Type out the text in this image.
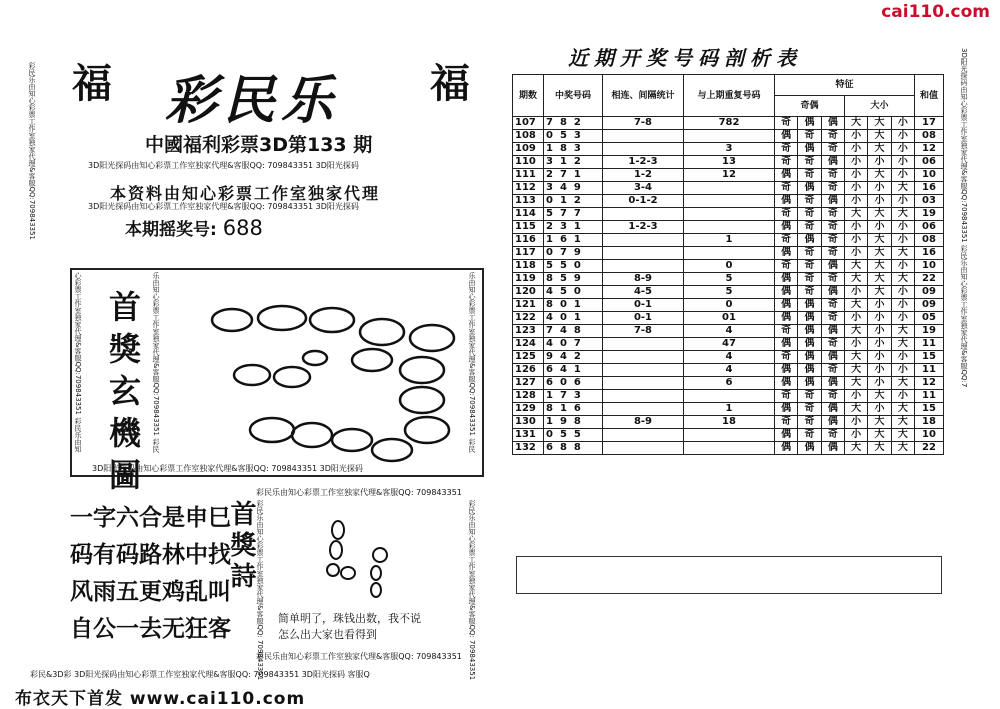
cai110.com
福	福
彩民乐
中國福利彩票3D第133 期
3D阳光探码由知心彩票工作室独家代理&客服QQ: 709843351 3D阳光探码
本资料由知心彩票工作室独家代理
3D阳光探码由知心彩票工作室独家代理&客服QQ: 709843351 3D阳光探码
本期摇奖号: 688
彩民乐由知心彩票工作室独家代理&客服QQ:709843351
心彩票工作室独家代理&客服QQ:709843351 彩民乐由知	乐由知心彩票工作室独家代理&客服QQ:709843351 彩民	乐由知心彩票工作室独家代理&客服QQ:709843351 彩民
3D阳光探码由知心彩票工作室独家代理&客服QQ: 709843351 3D阳光探码
首獎玄機圖	彩民乐由知心彩票工作室独家代理&客服QQ: 709843351
一字六合是申巳
码有码路林中找
风雨五更鸡乱叫
自公一去无狂客
首獎詩 彩民乐由知心彩票工作室独家代理&客服QQ: 709843351	彩民乐由知心彩票工作室独家代理&客服QQ: 709843351
简单明了，珠钱出数，我不说
怎么出大家也看得到
彩民乐由知心彩票工作室独家代理&客服QQ: 709843351
彩民&3D彩 3D阳光探码由知心彩票工作室独家代理&客服QQ: 709843351 3D阳光探码 客服Q
布衣天下首发 www.cai110.com
近期开奖号码剖析表
期数	中奖号码	相连、间隔统计	与上期重复号码	特征						和值
				奇偶			大小			
107	782	7-8	782	奇	偶	偶	大	大	小	17
108	053			偶	奇	奇	小	大	小	08
109	183		3	奇	偶	奇	小	大	小	12
110	312	1-2-3	13	奇	奇	偶	小	小	小	06
111	271	1-2	12	偶	奇	奇	小	大	小	10
112	349	3-4		奇	偶	奇	小	小	大	16
113	012	0-1-2		偶	奇	偶	小	小	小	03
114	577			奇	奇	奇	大	大	大	19
115	231	1-2-3		偶	奇	奇	小	小	小	06
116	161		1	奇	偶	奇	小	大	小	08
117	079			偶	奇	奇	小	大	大	16
118	550		0	奇	奇	偶	大	大	小	10
119	859	8-9	5	偶	奇	奇	大	大	大	22
120	450	4-5	5	偶	奇	偶	小	大	小	09
121	801	0-1	0	偶	偶	奇	大	小	小	09
122	401	0-1	01	偶	偶	奇	小	小	小	05
123	748	7-8	4	奇	偶	偶	大	小	大	19
124	407		47	偶	偶	奇	小	小	大	11
125	942		4	奇	偶	偶	大	小	小	15
126	641		4	偶	偶	奇	大	小	小	11
127	606		6	偶	偶	偶	大	小	大	12
128	173			奇	奇	奇	小	大	小	11
129	816		1	偶	奇	偶	大	小	大	15
130	198	8-9	18	奇	奇	偶	小	大	大	18
131	055			偶	奇	奇	小	大	大	10
132	688			偶	偶	偶	大	大	大	22
3D阳光探码由知心彩票工作室独家代理&客服QQ:709843351 彩民乐由知心彩票工作室独家代理&客服QQ:7
